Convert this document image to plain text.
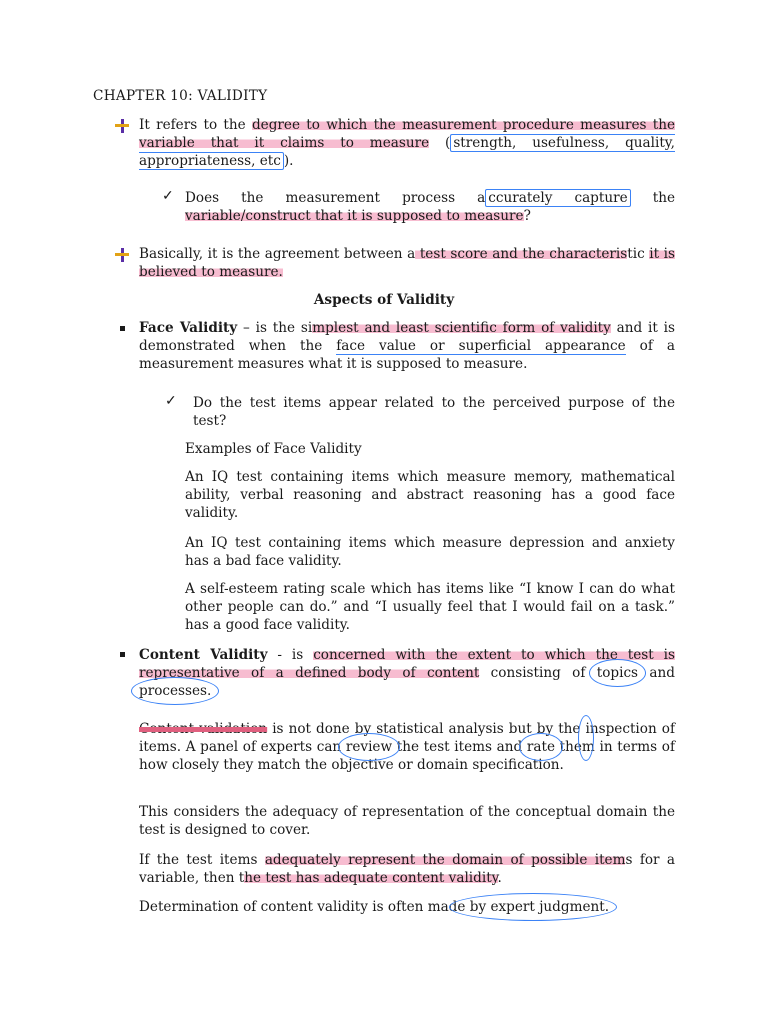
CHAPTER 10: VALIDITY
It refers to the degree to which the measurement procedure measures the variable that it claims to measure ( strength, usefulness, quality, appropriateness, etc ).
✓ Does the measurement process a ccurately capture the variable/construct that it is supposed to measure?
Basically, it is the agreement between a test score and the characteristic it is believed to measure.
Aspects of Validity
Face Validity – is the simplest and least scientific form of validity and it is demonstrated when the face value or superficial appearance of a measurement measures what it is supposed to measure.
✓ Do the test items appear related to the perceived purpose of the test?
Examples of Face Validity
An IQ test containing items which measure memory, mathematical ability, verbal reasoning and abstract reasoning has a good face validity.
An IQ test containing items which measure depression and anxiety has a bad face validity.
A self-esteem rating scale which has items like “I know I can do what other people can do.” and “I usually feel that I would fail on a task.” has a good face validity.
Content Validity - is concerned with the extent to which the test is representative of a defined body of content consisting of topics and processes.
Content validation is not done by statistical analysis but by the inspection of items. A panel of experts can review the test items and rate them in terms of how closely they match the objective or domain specification.
This considers the adequacy of representation of the conceptual domain the test is designed to cover.
If the test items adequately represent the domain of possible items for a variable, then the test has adequate content validity.
Determination of content validity is often made by expert judgment.
